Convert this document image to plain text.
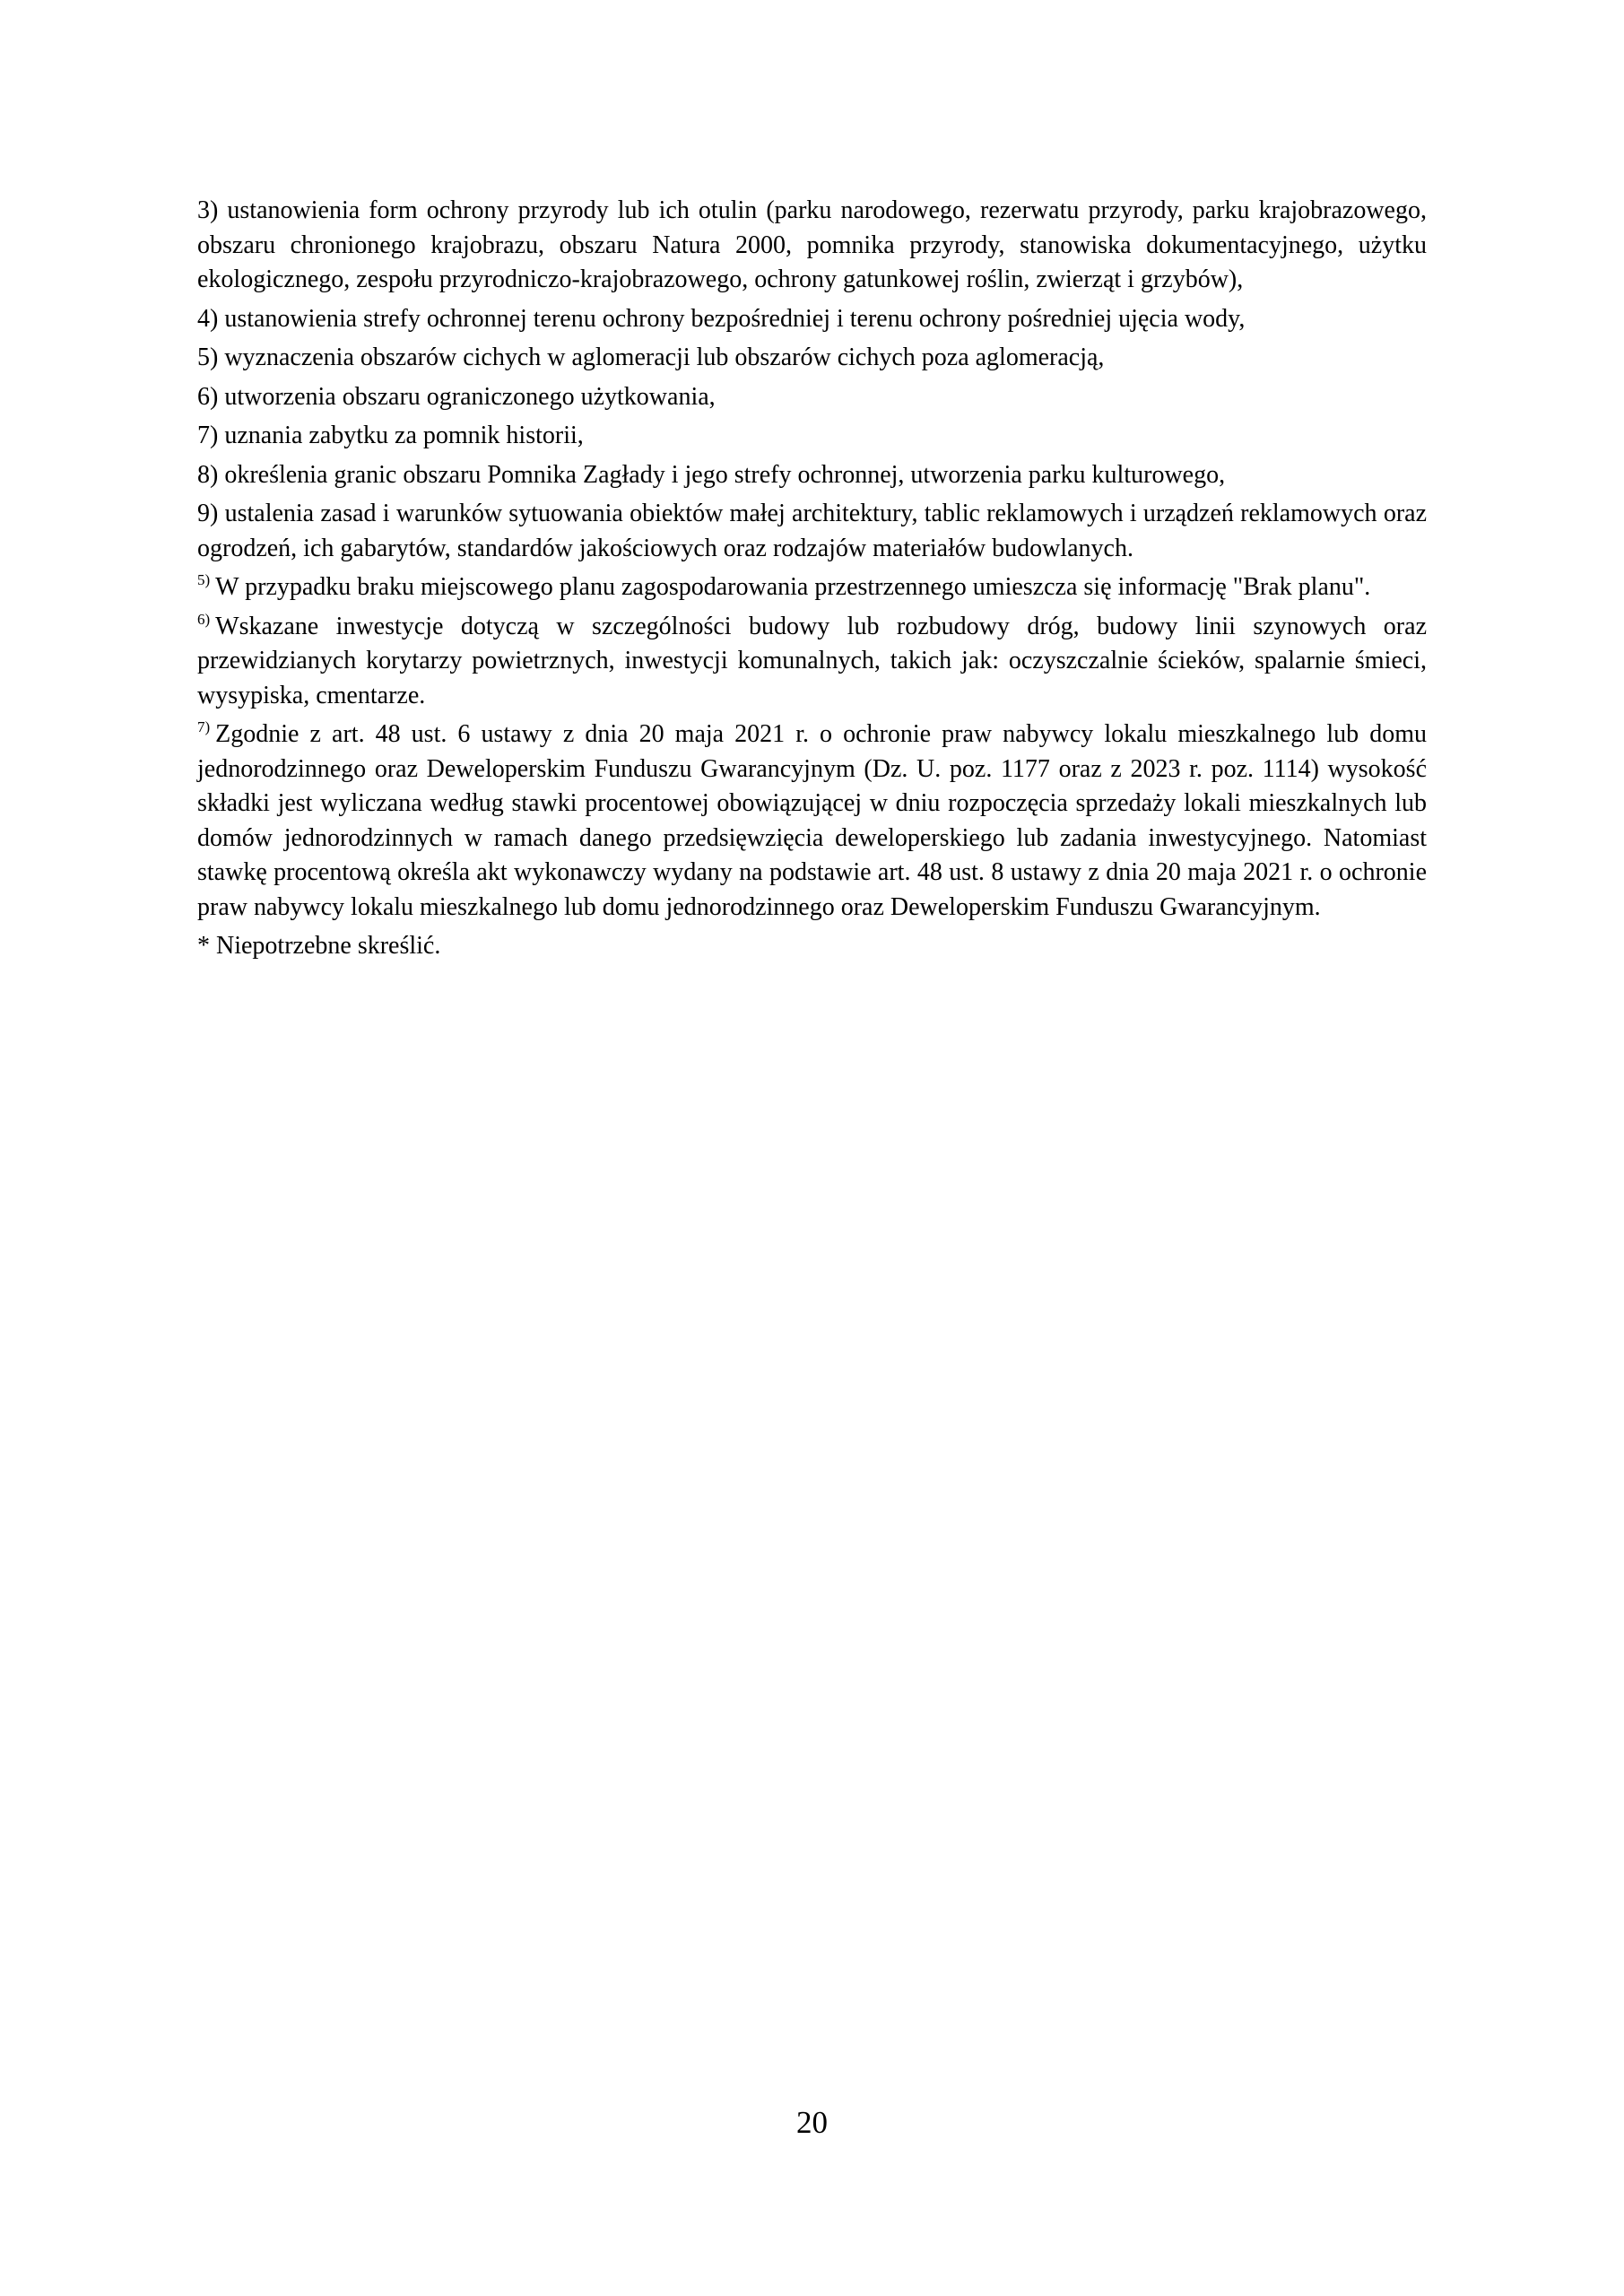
3) ustanowienia form ochrony przyrody lub ich otulin (parku narodowego, rezerwatu przyrody, parku krajobrazowego, obszaru chronionego krajobrazu, obszaru Natura 2000, pomnika przyrody, stanowiska dokumentacyjnego, użytku ekologicznego, zespołu przyrodniczo-krajobrazowego, ochrony gatunkowej roślin, zwierząt i grzybów),

4) ustanowienia strefy ochronnej terenu ochrony bezpośredniej i terenu ochrony pośredniej ujęcia wody,

5) wyznaczenia obszarów cichych w aglomeracji lub obszarów cichych poza aglomeracją,

6) utworzenia obszaru ograniczonego użytkowania,

7) uznania zabytku za pomnik historii,

8) określenia granic obszaru Pomnika Zagłady i jego strefy ochronnej, utworzenia parku kulturowego,

9) ustalenia zasad i warunków sytuowania obiektów małej architektury, tablic reklamowych i urządzeń reklamowych oraz ogrodzeń, ich gabarytów, standardów jakościowych oraz rodzajów materiałów budowlanych.

$^{5)}$ W przypadku braku miejscowego planu zagospodarowania przestrzennego umieszcza się informację "Brak planu".

$^{6)}$ Wskazane inwestycje dotyczą w szczególności budowy lub rozbudowy dróg, budowy linii szynowych oraz przewidzianych korytarzy powietrznych, inwestycji komunalnych, takich jak: oczyszczalnie ścieków, spalarnie śmieci, wysypiska, cmentarze.

$^{7)}$ Zgodnie z art. 48 ust. 6 ustawy z dnia 20 maja 2021 r. o ochronie praw nabywcy lokalu mieszkalnego lub domu jednorodzinnego oraz Deweloperskim Funduszu Gwarancyjnym (Dz. U. poz. 1177 oraz z 2023 r. poz. 1114) wysokość składki jest wyliczana według stawki procentowej obowiązującej w dniu rozpoczęcia sprzedaży lokali mieszkalnych lub domów jednorodzinnych w ramach danego przedsięwzięcia deweloperskiego lub zadania inwestycyjnego. Natomiast stawkę procentową określa akt wykonawczy wydany na podstawie art. 48 ust. 8 ustawy z dnia 20 maja 2021 r. o ochronie praw nabywcy lokalu mieszkalnego lub domu jednorodzinnego oraz Deweloperskim Funduszu Gwarancyjnym.

* Niepotrzebne skreślić.

20
